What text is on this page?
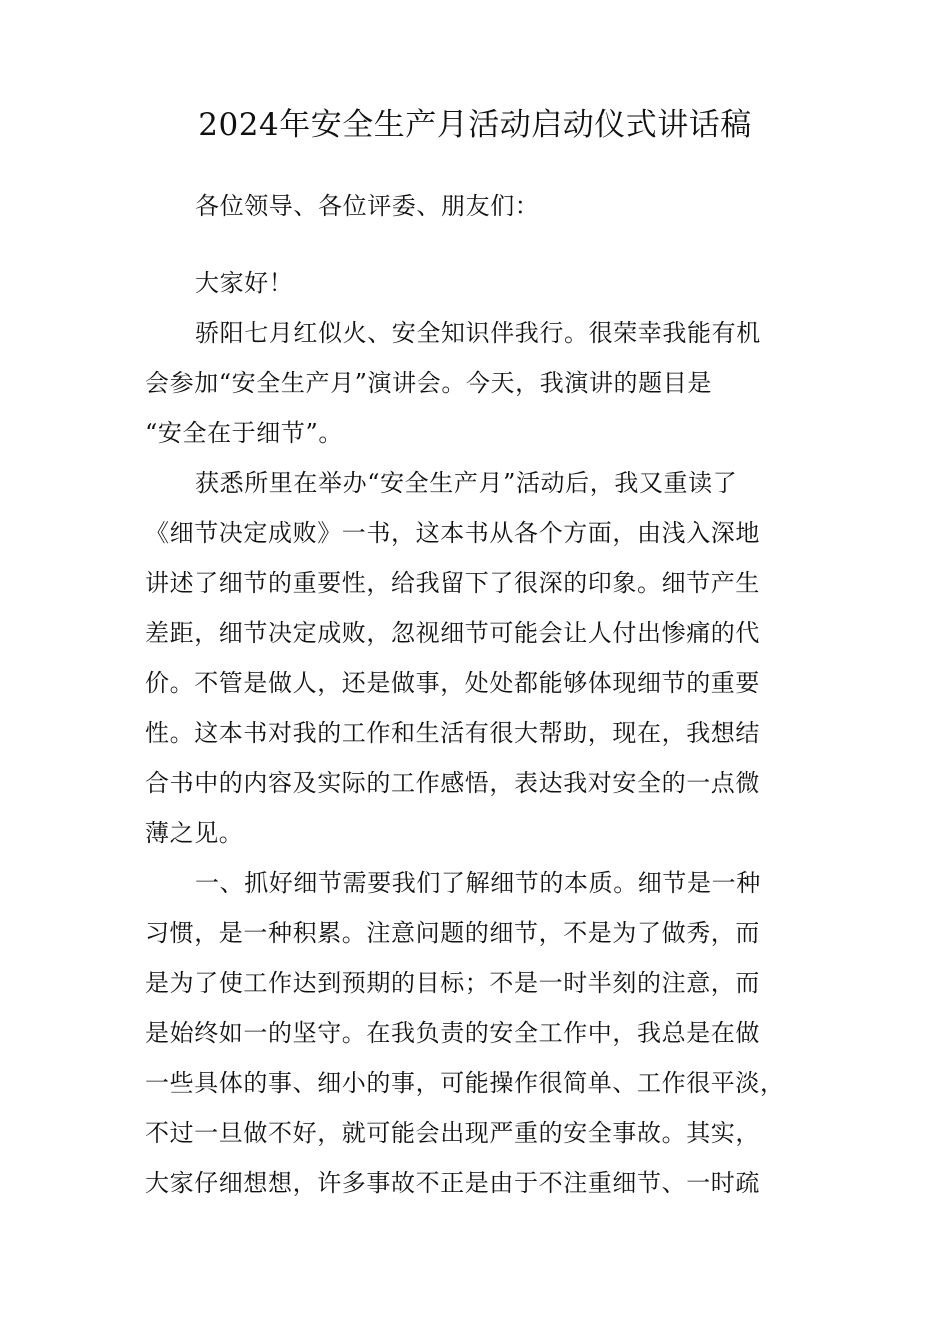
2024年安全生产月活动启动仪式讲话稿
各位领导、各位评委、朋友们：
大家好！
骄阳七月红似火、安全知识伴我行。很荣幸我能有机
会参加“安全生产月”演讲会。今天，我演讲的题目是
“安全在于细节”。
获悉所里在举办“安全生产月”活动后，我又重读了
《细节决定成败》一书，这本书从各个方面，由浅入深地
讲述了细节的重要性，给我留下了很深的印象。细节产生
差距，细节决定成败，忽视细节可能会让人付出惨痛的代
价。不管是做人，还是做事，处处都能够体现细节的重要
性。这本书对我的工作和生活有很大帮助，现在，我想结
合书中的内容及实际的工作感悟，表达我对安全的一点微
薄之见。
一、抓好细节需要我们了解细节的本质。细节是一种
习惯，是一种积累。注意问题的细节，不是为了做秀，而
是为了使工作达到预期的目标；不是一时半刻的注意，而
是始终如一的坚守。在我负责的安全工作中，我总是在做
一些具体的事、细小的事，可能操作很简单、工作很平淡，
不过一旦做不好，就可能会出现严重的安全事故。其实，
大家仔细想想，许多事故不正是由于不注重细节、一时疏
